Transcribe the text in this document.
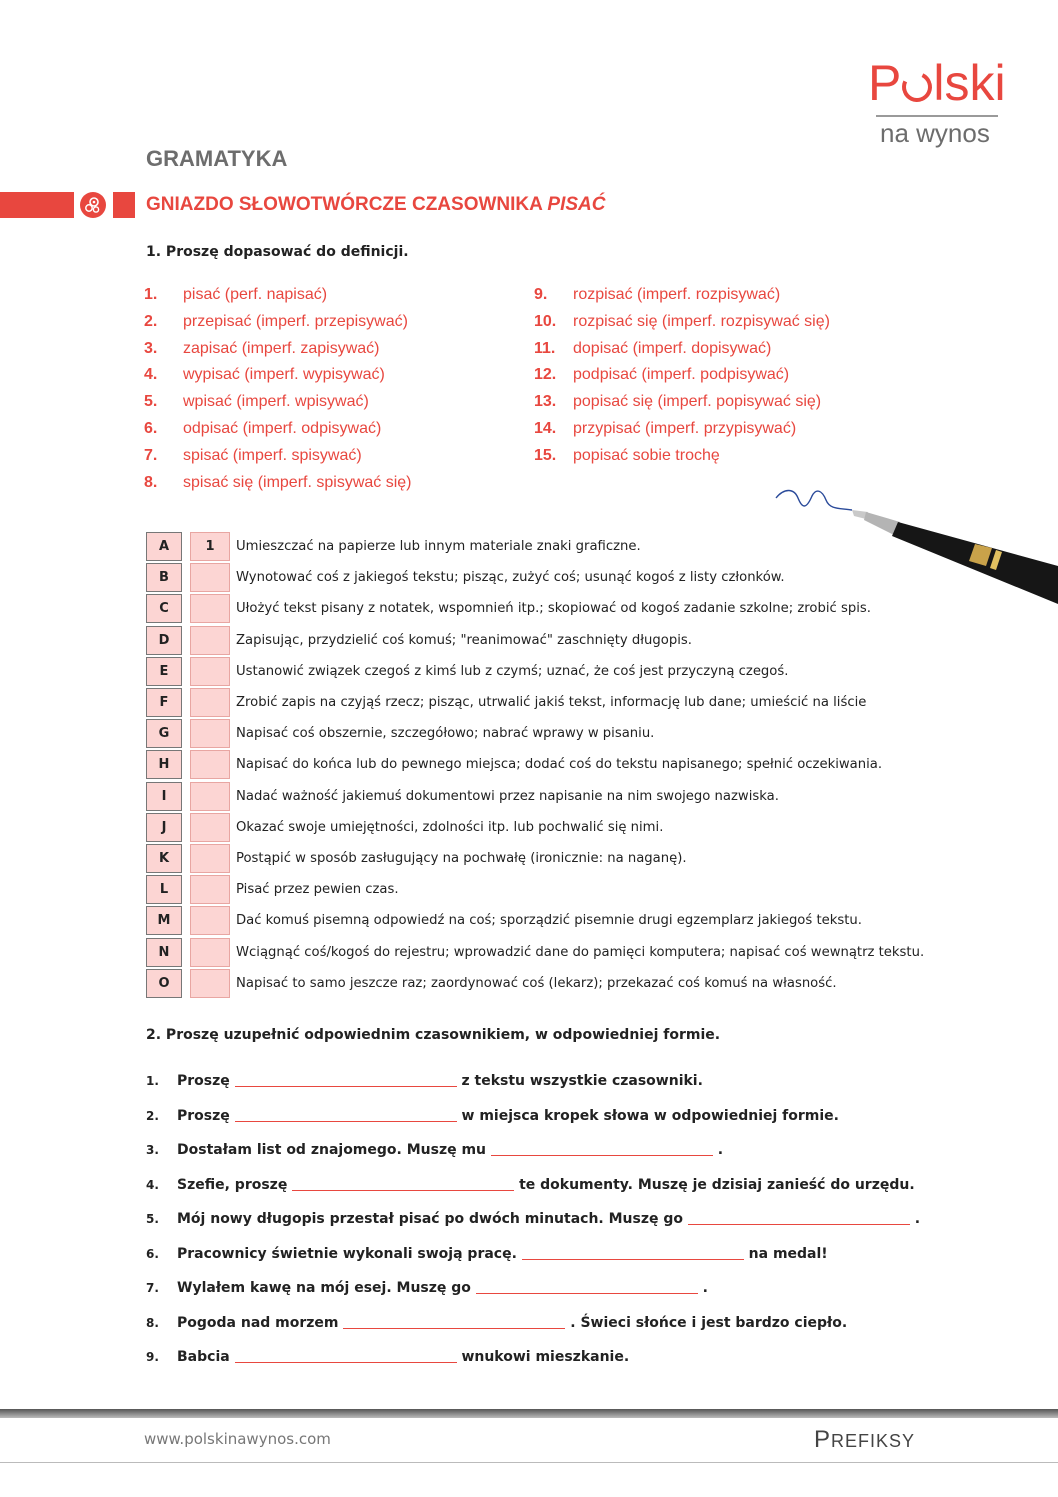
P lski
na wynos
GRAMATYKA
GNIAZDO SŁOWOTWÓRCZE CZASOWNIKA PISAĆ
1. Proszę dopasować do definicji.
1. pisać (perf. napisać)
2. przepisać (imperf. przepisywać)
3. zapisać (imperf. zapisywać)
4. wypisać (imperf. wypisywać)
5. wpisać (imperf. wpisywać)
6. odpisać (imperf. odpisywać)
7. spisać (imperf. spisywać)
8. spisać się (imperf. spisywać się)
9. rozpisać (imperf. rozpisywać)
10. rozpisać się (imperf. rozpisywać się)
11. dopisać (imperf. dopisywać)
12. podpisać (imperf. podpisywać)
13. popisać się (imperf. popisywać się)
14. przypisać (imperf. przypisywać)
15. popisać sobie trochę
A	1	Umieszczać na papierze lub innym materiale znaki graficzne.
B	Wynotować coś z jakiegoś tekstu; pisząc, zużyć coś; usunąć kogoś z listy członków.
C	Ułożyć tekst pisany z notatek, wspomnień itp.; skopiować od kogoś zadanie szkolne; zrobić spis.
D	Zapisując, przydzielić coś komuś; "reanimować" zaschnięty długopis.
E	Ustanowić związek czegoś z kimś lub z czymś; uznać, że coś jest przyczyną czegoś.
F	Zrobić zapis na czyjąś rzecz; pisząc, utrwalić jakiś tekst, informację lub dane; umieścić na liście
G	Napisać coś obszernie, szczegółowo; nabrać wprawy w pisaniu.
H	Napisać do końca lub do pewnego miejsca; dodać coś do tekstu napisanego; spełnić oczekiwania.
I	Nadać ważność jakiemuś dokumentowi przez napisanie na nim swojego nazwiska.
J	Okazać swoje umiejętności, zdolności itp. lub pochwalić się nimi.
K	Postąpić w sposób zasługujący na pochwałę (ironicznie: na naganę).
L	Pisać przez pewien czas.
M	Dać komuś pisemną odpowiedź na coś; sporządzić pisemnie drugi egzemplarz jakiegoś tekstu.
N	Wciągnąć coś/kogoś do rejestru; wprowadzić dane do pamięci komputera; napisać coś wewnątrz tekstu.
O	Napisać to samo jeszcze raz; zaordynować coś (lekarz); przekazać coś komuś na własność.
2. Proszę uzupełnić odpowiednim czasownikiem, w odpowiedniej formie.
1. Proszę	z tekstu wszystkie czasowniki.
2. Proszę	w miejsca kropek słowa w odpowiedniej formie.
3. Dostałam list od znajomego. Muszę mu	.
4. Szefie, proszę	te dokumenty. Muszę je dzisiaj zanieść do urzędu.
5. Mój nowy długopis przestał pisać po dwóch minutach. Muszę go	.
6. Pracownicy świetnie wykonali swoją pracę.	na medal!
7. Wylałem kawę na mój esej. Muszę go	.
8. Pogoda nad morzem	. Świeci słońce i jest bardzo ciepło.
9. Babcia	wnukowi mieszkanie.
www.polskinawynos.com	PREFIKSY
